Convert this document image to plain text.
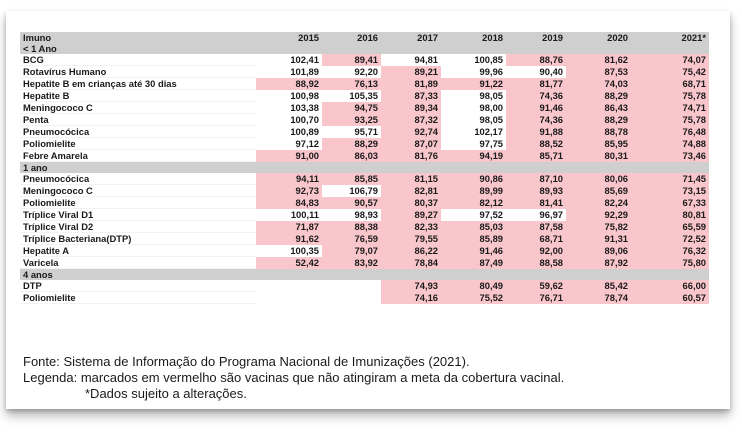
Imuno	2015	2016	2017	2018	2019	2020	2021*
< 1 Ano							
BCG	102,41	89,41	94,81	100,85	88,76	81,62	74,07
Rotavírus Humano	101,89	92,20	89,21	99,96	90,40	87,53	75,42
Hepatite B em crianças até 30 dias	88,92	76,13	81,89	91,22	81,77	74,03	68,71
Hepatite B	100,98	105,35	87,33	98,05	74,36	88,29	75,78
Meningococo C	103,38	94,75	89,34	98,00	91,46	86,43	74,71
Penta	100,70	93,25	87,32	98,05	74,36	88,29	75,78
Pneumocócica	100,89	95,71	92,74	102,17	91,88	88,78	76,48
Poliomielite	97,12	88,29	87,07	97,75	88,52	85,95	74,88
Febre Amarela	91,00	86,03	81,76	94,19	85,71	80,31	73,46
1 ano							
Pneumocócica	94,11	85,85	81,15	90,86	87,10	80,06	71,45
Meningococo C	92,73	106,79	82,81	89,99	89,93	85,69	73,15
Poliomielite	84,83	90,57	80,37	82,12	81,41	82,24	67,33
Tríplice Viral D1	100,11	98,93	89,27	97,52	96,97	92,29	80,81
Tríplice Viral D2	71,87	88,38	82,33	85,03	87,58	75,82	65,59
Tríplice Bacteriana(DTP)	91,62	76,59	79,55	85,89	68,71	91,31	72,52
Hepatite A	100,35	79,07	86,22	91,46	92,00	89,06	76,32
Varicela	52,42	83,92	78,84	87,49	88,58	87,92	75,80
4 anos							
DTP			74,93	80,49	59,62	85,42	66,00
Poliomielite			74,16	75,52	76,71	78,74	60,57
Fonte: Sistema de Informação do Programa Nacional de Imunizações (2021).
Legenda: marcados em vermelho são vacinas que não atingiram a meta da cobertura vacinal.
*Dados sujeito a alterações.
